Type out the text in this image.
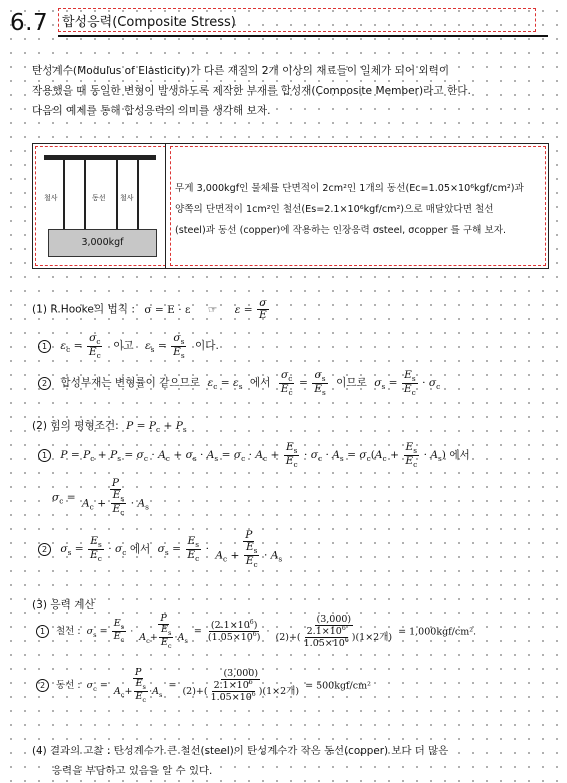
6.7 합성응력(Composite Stress)
탄성계수(Modulus of Elasticity)가 다른 재질의 2개 이상의 재료들이 일체가 되어 외력이
작용했을 때 동일한 변형이 발생하도록 제작한 부재를 합성재(Composite Member)라고 한다.
다음의 예제를 통해 합성응력의 의미를 생각해 보자.
철사	동선 철사
3,000kgf
무게 3,000kgf인 물체를 단면적이 2cm²인 1개의 동선(Ec=1.05×10⁶kgf/cm²)과
양쪽의 단면적이 1cm²인 철선(Es=2.1×10⁶kgf/cm²)으로 매달았다면 철선
(steel)과 동선 (copper)에 작용하는 인장응력 σsteel, σcopper 를 구해 보자.
(1) R.Hooke의 법칙 : σ = E · ε ☞ $\varepsilon = \frac{\sigma}{E}$
1 $\varepsilon_c = \frac{\sigma_c}{E_c}$ 이고 $\varepsilon_s = \frac{\sigma_s}{E_s}$ 이다.
2 합성부재는 변형률이 같으므로 $\varepsilon_c = \varepsilon_s$ 에서 $\frac{\sigma_c}{E_c} = \frac{\sigma_s}{E_s}$ 이므로 $\sigma_s = \frac{E_s}{E_c} \cdot \sigma_c$
(2) 힘의 평형조건: $P = P_c + P_s$
1 $P = P_c + P_s = \sigma_c \cdot A_c + \sigma_s \cdot A_s = \sigma_c \cdot A_c + \frac{E_s}{E_c} \cdot \sigma_c \cdot A_s = \sigma_c(A_c + \frac{E_s}{E_c} \cdot A_s)$ 에서
$\sigma_c = \frac{P}{A_c + \frac{E_s}{E_c} \cdot A_s}$
2 $\sigma_s = \frac{E_s}{E_c} \cdot \sigma_c$ 에서 $\sigma_s = \frac{E_s}{E_c} \cdot \frac{P}{A_c + \frac{E_s}{E_c} \cdot A_s}$
(3) 응력 계산
1 철선 : $\sigma_s = \frac{E_s}{E_c} \cdot \frac{P}{A_c+ \frac{E_s}{E_c} \cdot A_s} = \frac{(2.1\times 10^6)}{(1.05\times 10^6)} \cdot \frac{(3,000)}{(2)+( \frac{2.1\times 10^6}{1.05\times 10^6} )(1\times 2개)} = 1,000kgf/cm^2$.
2 동선 : $\sigma_c = \frac{P}{A_c+ \frac{E_s}{E_c} \cdot A_s} = \frac{(3,000)}{(2)+( \frac{2.1\times 10^6}{1.05\times 10^6} )(1\times 2개)} = 500kgf/cm^2$
(4) 결과의 고찰 : 탄성계수가 큰 철선(steel)이 탄성계수가 작은 동선(copper) 보다 더 많은
응력을 부담하고 있음을 알 수 있다.
